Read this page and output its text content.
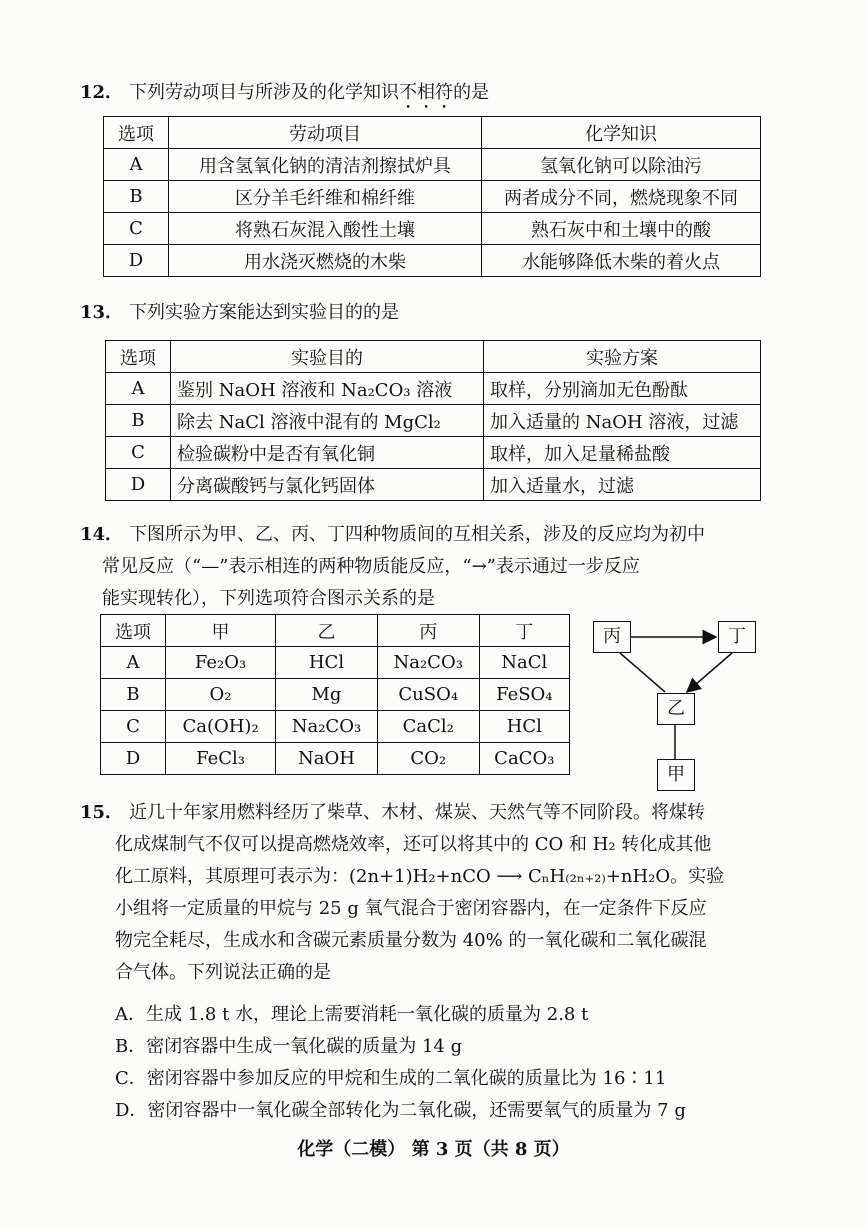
12． 下列劳动项目与所涉及的化学知识不相符的是
选项	劳动项目	化学知识
A	用含氢氧化钠的清洁剂擦拭炉具	氢氧化钠可以除油污
B	区分羊毛纤维和棉纤维	两者成分不同，燃烧现象不同
C	将熟石灰混入酸性土壤	熟石灰中和土壤中的酸
D	用水浇灭燃烧的木柴	水能够降低木柴的着火点
13． 下列实验方案能达到实验目的的是
选项	实验目的	实验方案
A	鉴别 NaOH 溶液和 Na₂CO₃ 溶液	取样，分别滴加无色酚酞
B	除去 NaCl 溶液中混有的 MgCl₂	加入适量的 NaOH 溶液，过滤
C	检验碳粉中是否有氧化铜	取样，加入足量稀盐酸
D	分离碳酸钙与氯化钙固体	加入适量水，过滤
14． 下图所示为甲、乙、丙、丁四种物质间的互相关系，涉及的反应均为初中
常见反应（“—”表示相连的两种物质能反应，“→”表示通过一步反应
能实现转化），下列选项符合图示关系的是
选项	甲	乙	丙	丁
A	Fe₂O₃	HCl	Na₂CO₃	NaCl
B	O₂	Mg	CuSO₄	FeSO₄
C	Ca(OH)₂	Na₂CO₃	CaCl₂	HCl
D	FeCl₃	NaOH	CO₂	CaCO₃
丙	丁
乙
甲
15． 近几十年家用燃料经历了柴草、木材、煤炭、天然气等不同阶段。将煤转
化成煤制气不仅可以提高燃烧效率，还可以将其中的 CO 和 H₂ 转化成其他
化工原料，其原理可表示为：(2n+1)H₂+nCO ⟶ CₙH₍₂ₙ₊₂₎+nH₂O。实验
小组将一定质量的甲烷与 25 g 氧气混合于密闭容器内，在一定条件下反应
物完全耗尽，生成水和含碳元素质量分数为 40% 的一氧化碳和二氧化碳混
合气体。下列说法正确的是
A．生成 1.8 t 水，理论上需要消耗一氧化碳的质量为 2.8 t
B．密闭容器中生成一氧化碳的质量为 14 g
C．密闭容器中参加反应的甲烷和生成的二氧化碳的质量比为 16∶11
D．密闭容器中一氧化碳全部转化为二氧化碳，还需要氧气的质量为 7 g
化学（二模） 第 3 页（共 8 页）
